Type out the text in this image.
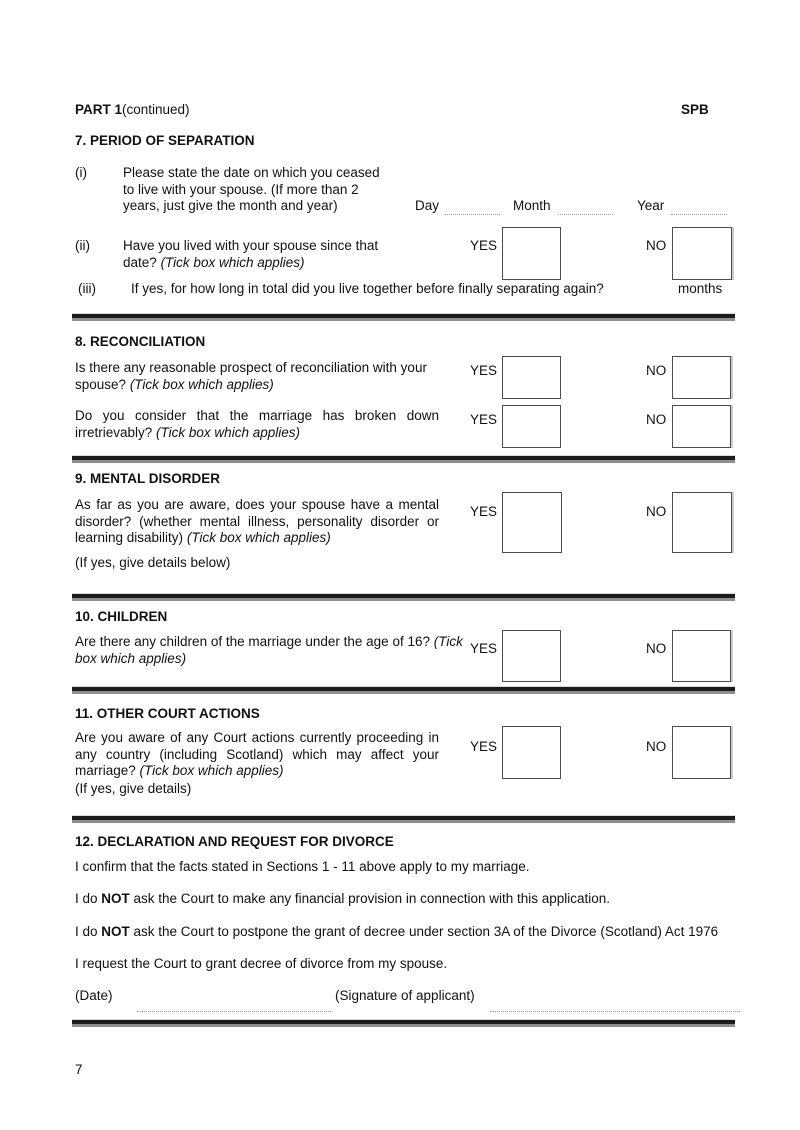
PART 1(continued)	SPB
7. PERIOD OF SEPARATION
(i)	Please state the date on which you ceased to live with your spouse. (If more than 2 years, just give the month and year)	Day	Month	Year
(ii) Have you lived with your spouse since that date? (Tick box which applies)
YES	NO
(iii)	If yes, for how long in total did you live together before finally separating again?	months
8. RECONCILIATION
Is there any reasonable prospect of reconciliation with your spouse? (Tick box which applies)
YES	NO
Do you consider that the marriage has broken down irretrievably? (Tick box which applies)
YES	NO
9. MENTAL DISORDER
As far as you are aware, does your spouse have a mental disorder? (whether mental illness, personality disorder or learning disability) (Tick box which applies)
YES	NO
(If yes, give details below)
10. CHILDREN
Are there any children of the marriage under the age of 16? (Tick box which applies)
YES	NO
11. OTHER COURT ACTIONS
Are you aware of any Court actions currently proceeding in any country (including Scotland) which may affect your marriage? (Tick box which applies)
YES	NO
(If yes, give details)
12. DECLARATION AND REQUEST FOR DIVORCE
I confirm that the facts stated in Sections 1 - 11 above apply to my marriage.
I do NOT ask the Court to make any financial provision in connection with this application.
I do NOT ask the Court to postpone the grant of decree under section 3A of the Divorce (Scotland) Act 1976
I request the Court to grant decree of divorce from my spouse.
(Date)	(Signature of applicant)
7
